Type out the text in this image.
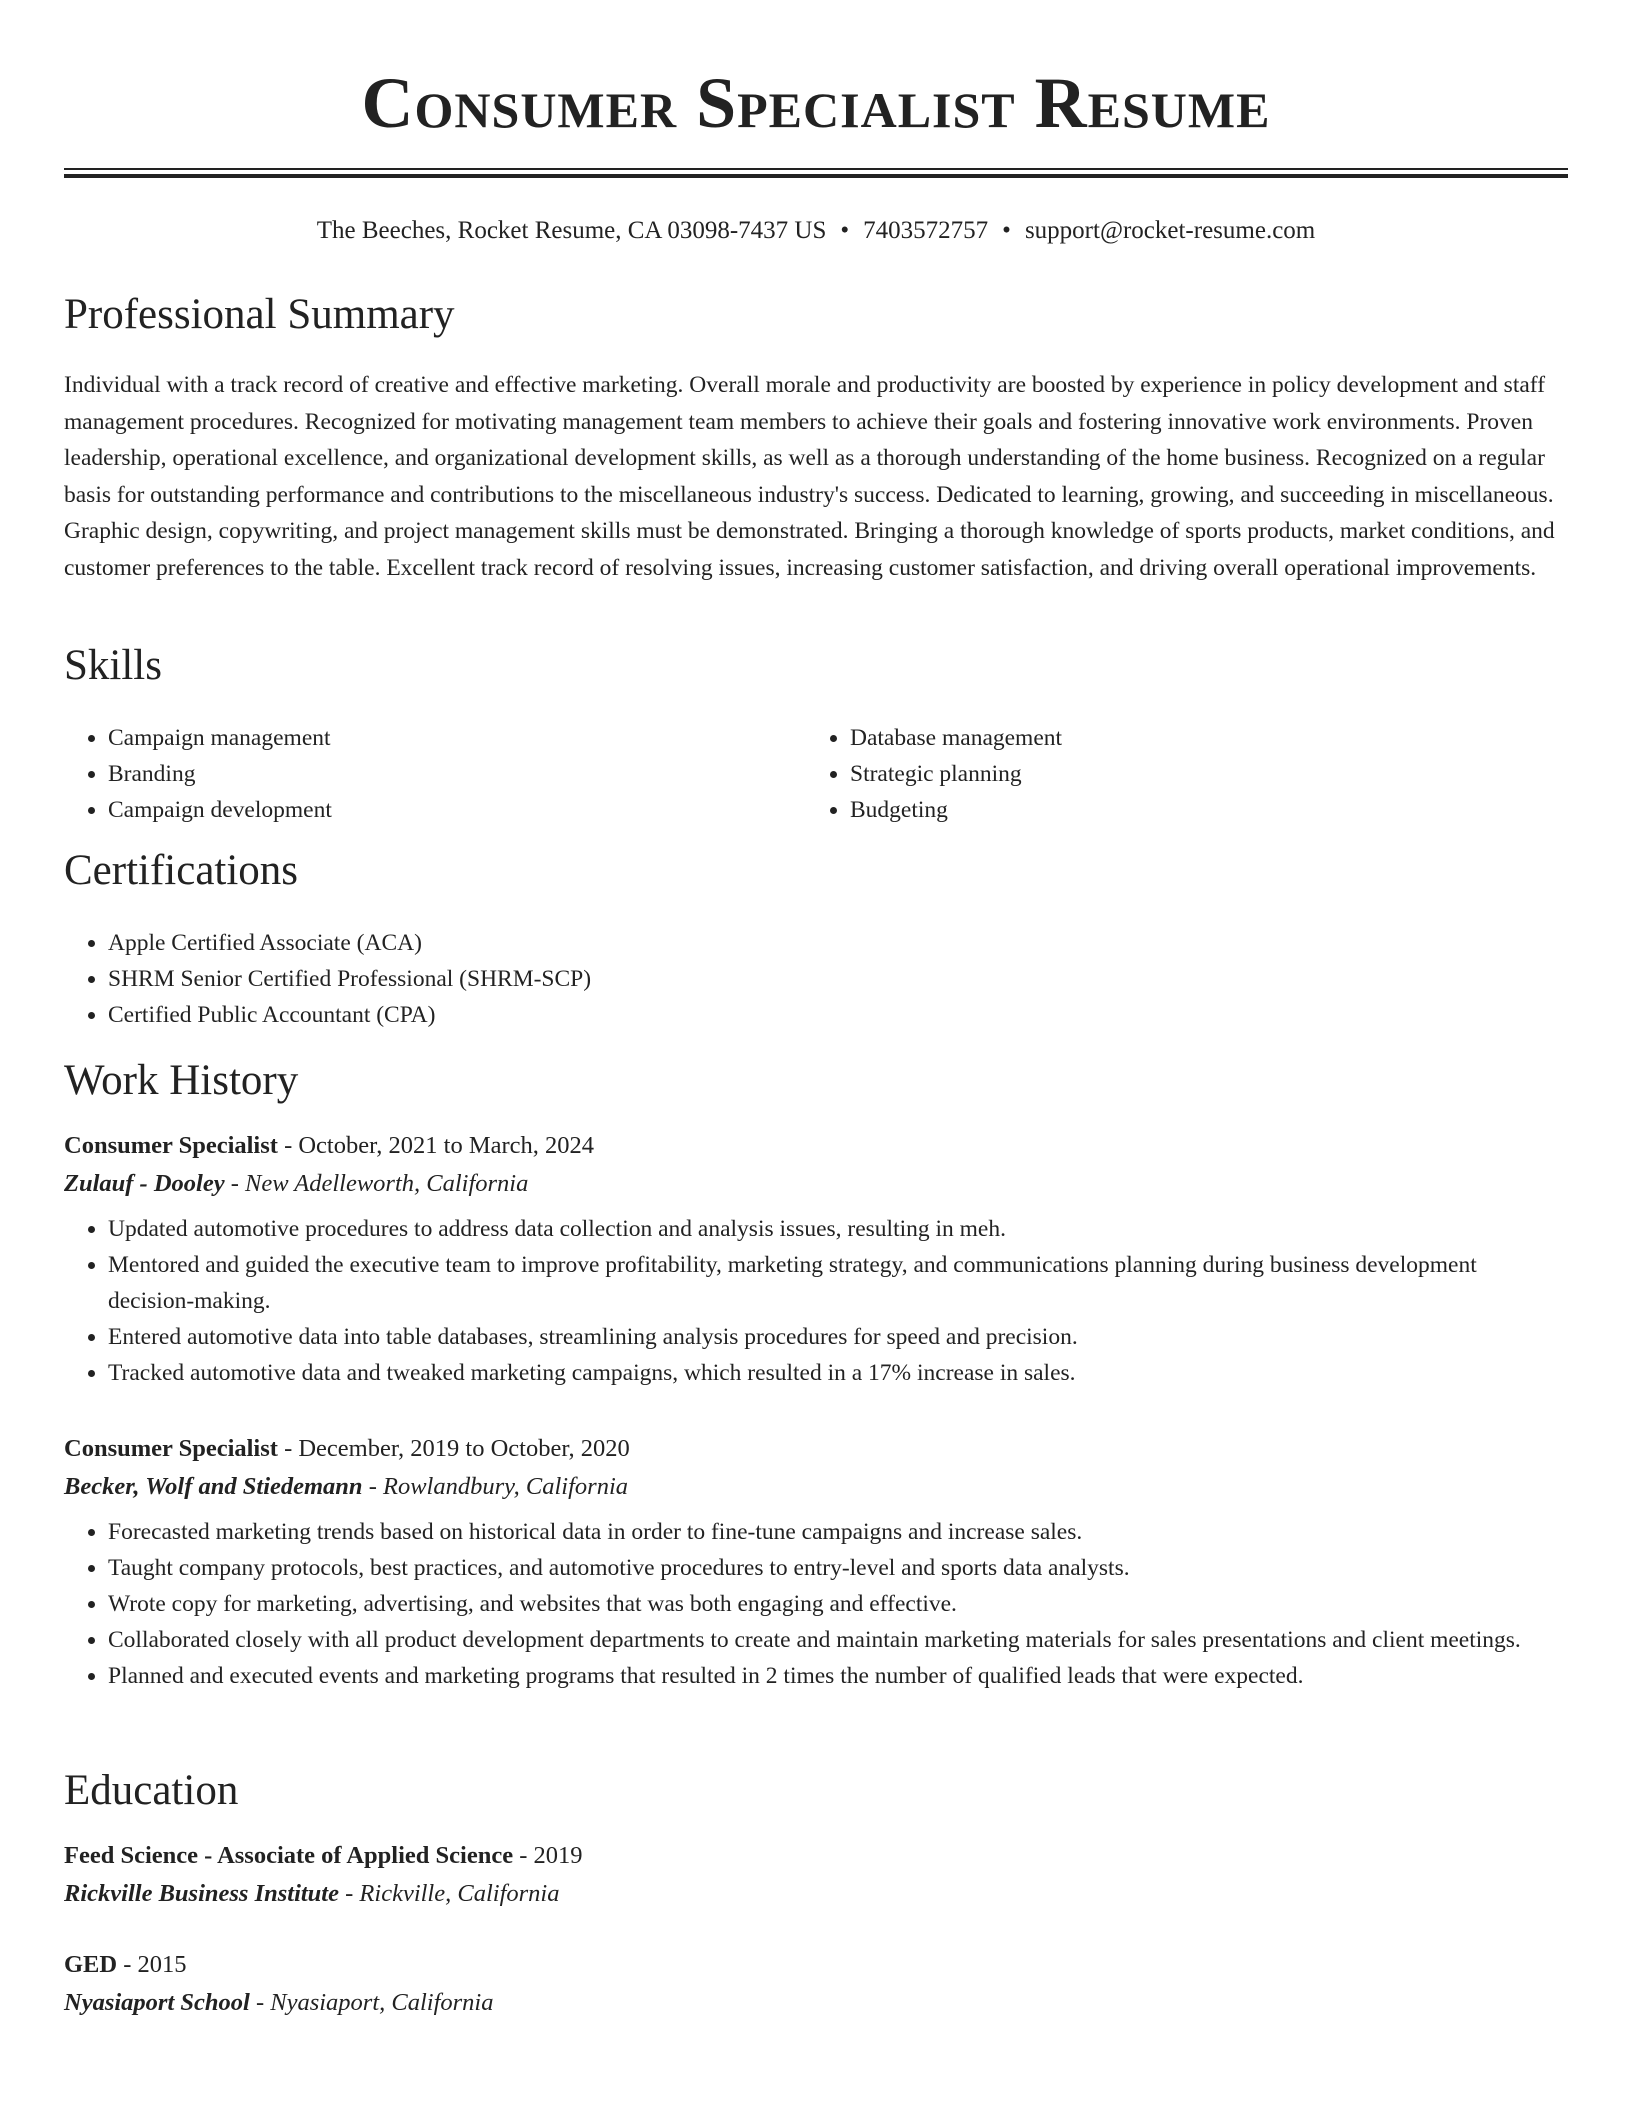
Consumer Specialist Resume
The Beeches, Rocket Resume, CA 03098-7437 US • 7403572757 • support@rocket-resume.com
Professional Summary

Individual with a track record of creative and effective marketing. Overall morale and productivity are boosted by experience in policy development and staff management procedures. Recognized for motivating management team members to achieve their goals and fostering innovative work environments. Proven leadership, operational excellence, and organizational development skills, as well as a thorough understanding of the home business. Recognized on a regular basis for outstanding performance and contributions to the miscellaneous industry's success. Dedicated to learning, growing, and succeeding in miscellaneous. Graphic design, copywriting, and project management skills must be demonstrated. Bringing a thorough knowledge of sports products, market conditions, and customer preferences to the table. Excellent track record of resolving issues, increasing customer satisfaction, and driving overall operational improvements.

Skills
• Campaign management
• Branding
• Campaign development
• Database management
• Strategic planning
• Budgeting
Certifications
• Apple Certified Associate (ACA)
• SHRM Senior Certified Professional (SHRM-SCP)
• Certified Public Accountant (CPA)
Work History
Consumer Specialist - October, 2021 to March, 2024
Zulauf - Dooley - New Adelleworth, California
• Updated automotive procedures to address data collection and analysis issues, resulting in meh.
• Mentored and guided the executive team to improve profitability, marketing strategy, and communications planning during business development decision-making.
• Entered automotive data into table databases, streamlining analysis procedures for speed and precision.
• Tracked automotive data and tweaked marketing campaigns, which resulted in a 17% increase in sales.
Consumer Specialist - December, 2019 to October, 2020
Becker, Wolf and Stiedemann - Rowlandbury, California
• Forecasted marketing trends based on historical data in order to fine-tune campaigns and increase sales.
• Taught company protocols, best practices, and automotive procedures to entry-level and sports data analysts.
• Wrote copy for marketing, advertising, and websites that was both engaging and effective.
• Collaborated closely with all product development departments to create and maintain marketing materials for sales presentations and client meetings.
• Planned and executed events and marketing programs that resulted in 2 times the number of qualified leads that were expected.
Education
Feed Science - Associate of Applied Science - 2019
Rickville Business Institute - Rickville, California
GED - 2015
Nyasiaport School - Nyasiaport, California
